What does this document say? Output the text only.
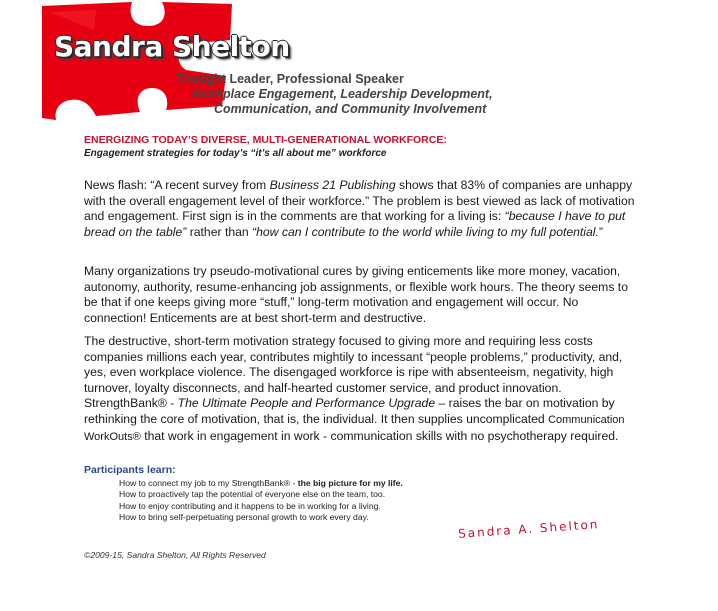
Sandra Shelton
Thought Leader, Professional Speaker
Workplace Engagement, Leadership Development,
Communication, and Community Involvement
ENERGIZING TODAY’S DIVERSE, MULTI-GENERATIONAL WORKFORCE:
Engagement strategies for today’s “it’s all about me” workforce

News flash: “A recent survey from Business 21 Publishing shows that 83% of companies are unhappy with the overall engagement level of their workforce.” The problem is best viewed as lack of motivation and engagement. First sign is in the comments are that working for a living is: “because I have to put bread on the table” rather than “how can I contribute to the world while living to my full potential.”

Many organizations try pseudo-motivational cures by giving enticements like more money, vacation, autonomy, authority, resume-enhancing job assignments, or flexible work hours. The theory seems to be that if one keeps giving more “stuff,” long-term motivation and engagement will occur. No connection! Enticements are at best short-term and destructive.

The destructive, short-term motivation strategy focused to giving more and requiring less costs companies millions each year, contributes mightily to incessant “people problems,” productivity, and, yes, even workplace violence. The disengaged workforce is ripe with absenteeism, negativity, high turnover, loyalty disconnects, and half-hearted customer service, and product innovation. StrengthBank® - The Ultimate People and Performance Upgrade – raises the bar on motivation by rethinking the core of motivation, that is, the individual. It then supplies uncomplicated Communication WorkOuts® that work in engagement in work - communication skills with no psychotherapy required.

Participants learn:
How to connect my job to my StrengthBank® - the big picture for my life.
How to proactively tap the potential of everyone else on the team, too.
How to enjoy contributing and it happens to be in working for a living.
How to bring self-perpetuating personal growth to work every day.	Sandra A. Shelton
©2009-15, Sandra Shelton, All Rights Reserved
